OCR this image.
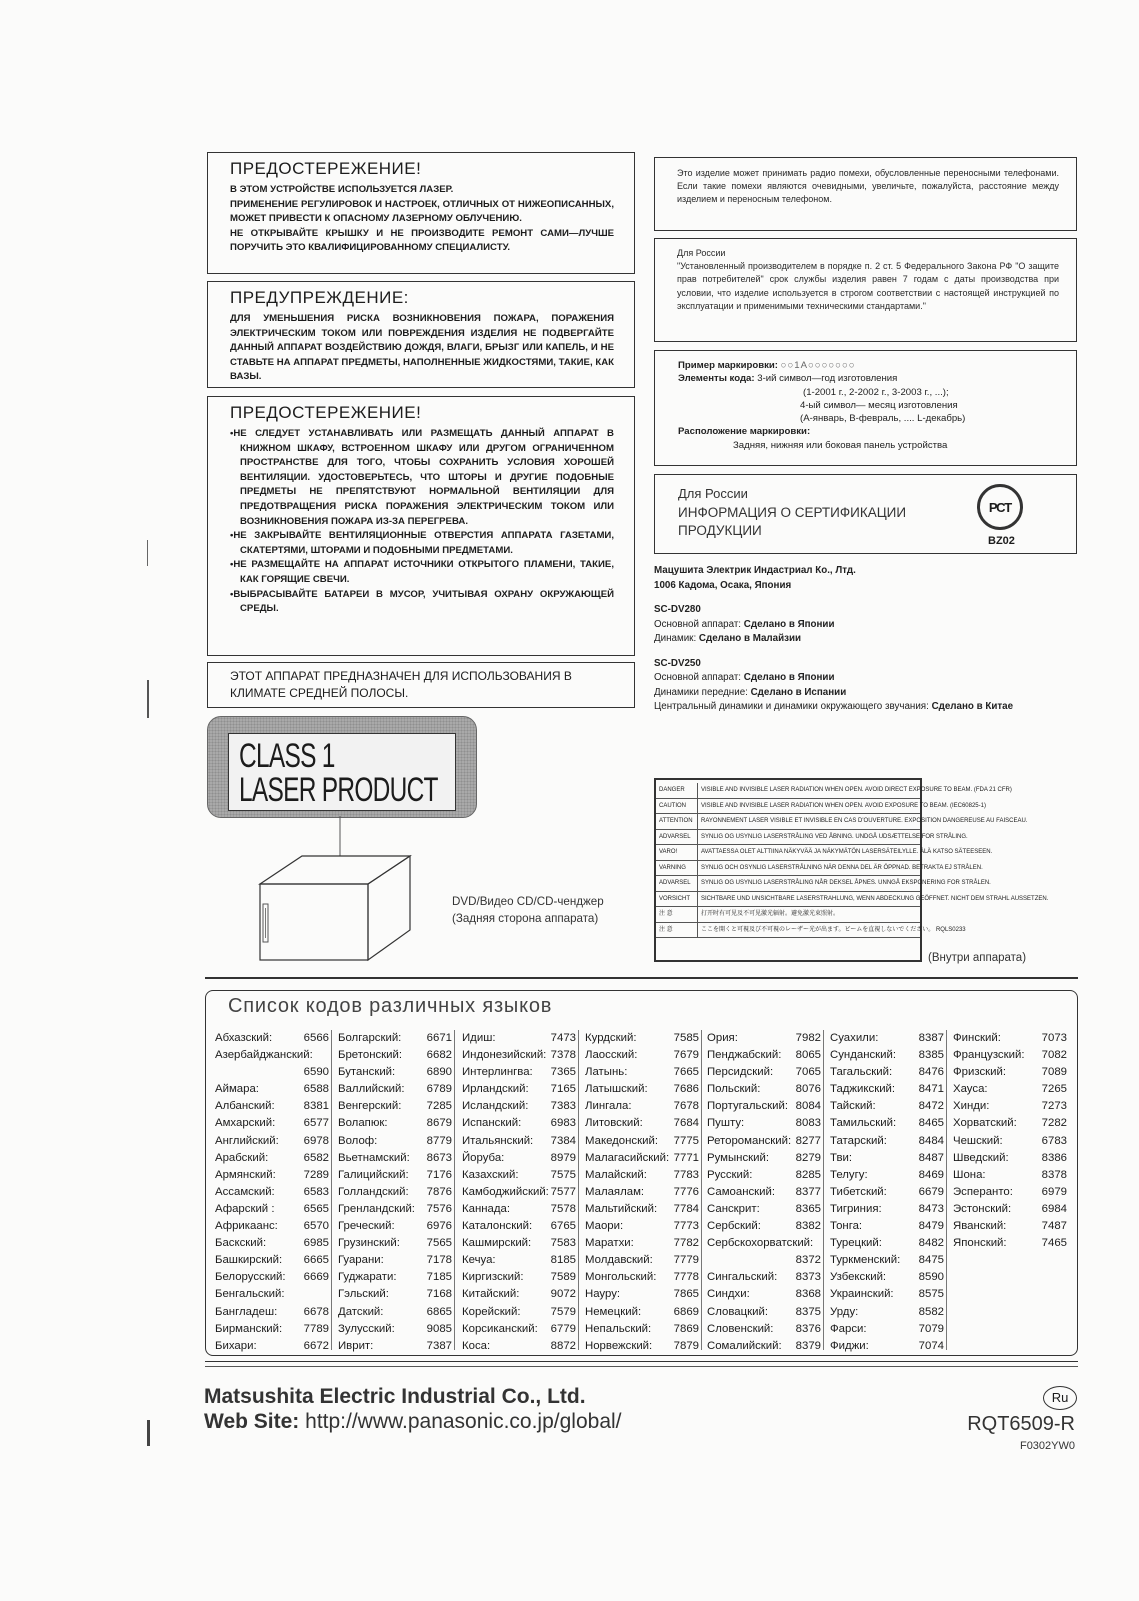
ПРЕДОСТЕРЕЖЕНИЕ!

В ЭТОМ УСТРОЙСТВЕ ИСПОЛЬЗУЕТСЯ ЛАЗЕР.

ПРИМЕНЕНИЕ РЕГУЛИРОВОК И НАСТРОЕК, ОТЛИЧНЫХ ОТ НИЖЕОПИСАННЫХ, МОЖЕТ ПРИВЕСТИ К ОПАСНОМУ ЛАЗЕРНОМУ ОБЛУЧЕНИЮ.

НЕ ОТКРЫВАЙТЕ КРЫШКУ И НЕ ПРОИЗВОДИТЕ РЕМОНТ САМИ—ЛУЧШЕ ПОРУЧИТЬ ЭТО КВАЛИФИЦИРОВАННОМУ СПЕЦИАЛИСТУ.

ПРЕДУПРЕЖДЕНИЕ:

ДЛЯ УМЕНЬШЕНИЯ РИСКА ВОЗНИКНОВЕНИЯ ПОЖАРА, ПОРАЖЕНИЯ ЭЛЕКТРИЧЕСКИМ ТОКОМ ИЛИ ПОВРЕЖДЕНИЯ ИЗДЕЛИЯ НЕ ПОДВЕРГАЙТЕ ДАННЫЙ АППАРАТ ВОЗДЕЙСТВИЮ ДОЖДЯ, ВЛАГИ, БРЫЗГ ИЛИ КАПЕЛЬ, И НЕ СТАВЬТЕ НА АППАРАТ ПРЕДМЕТЫ, НАПОЛНЕННЫЕ ЖИДКОСТЯМИ, ТАКИЕ, КАК ВАЗЫ.

ПРЕДОСТЕРЕЖЕНИЕ!
• НЕ СЛЕДУЕТ УСТАНАВЛИВАТЬ ИЛИ РАЗМЕЩАТЬ ДАННЫЙ АППАРАТ В КНИЖНОМ ШКАФУ, ВСТРОЕННОМ ШКАФУ ИЛИ ДРУГОМ ОГРАНИЧЕННОМ ПРОСТРАНСТВЕ ДЛЯ ТОГО, ЧТОБЫ СОХРАНИТЬ УСЛОВИЯ ХОРОШЕЙ ВЕНТИЛЯЦИИ. УДОСТОВЕРЬТЕСЬ, ЧТО ШТОРЫ И ДРУГИЕ ПОДОБНЫЕ ПРЕДМЕТЫ НЕ ПРЕПЯТСТВУЮТ НОРМАЛЬНОЙ ВЕНТИЛЯЦИИ ДЛЯ ПРЕДОТВРАЩЕНИЯ РИСКА ПОРАЖЕНИЯ ЭЛЕКТРИЧЕСКИМ ТОКОМ ИЛИ ВОЗНИКНОВЕНИЯ ПОЖАРА ИЗ-ЗА ПЕРЕГРЕВА.
• НЕ ЗАКРЫВАЙТЕ ВЕНТИЛЯЦИОННЫЕ ОТВЕРСТИЯ АППАРАТА ГАЗЕТАМИ, СКАТЕРТЯМИ, ШТОРАМИ И ПОДОБНЫМИ ПРЕДМЕТАМИ.
• НЕ РАЗМЕЩАЙТЕ НА АППАРАТ ИСТОЧНИКИ ОТКРЫТОГО ПЛАМЕНИ, ТАКИЕ, КАК ГОРЯЩИЕ СВЕЧИ.
• ВЫБРАСЫВАЙТЕ БАТАРЕИ В МУСОР, УЧИТЫВАЯ ОХРАНУ ОКРУЖАЮЩЕЙ СРЕДЫ.
ЭТОТ АППАРАТ ПРЕДНАЗНАЧЕН ДЛЯ ИСПОЛЬЗОВАНИЯ В КЛИМАТЕ СРЕДНЕЙ ПОЛОСЫ.
CLASS 1
LASER PRODUCT
DVD/Видео CD/CD-ченджер
(Задняя сторона аппарата)

Это изделие может принимать радио помехи, обусловленные переносными телефонами. Если такие помехи являются очевидными, увеличьте, пожалуйста, расстояние между изделием и переносным телефоном.

Для России

"Установленный производителем в порядке п. 2 ст. 5 Федерального Закона РФ "О защите прав потребителей" срок службы изделия равен 7 годам с даты производства при условии, что изделие используется в строгом соответствии с настоящей инструкцией по эксплуатации и применимыми техническими стандартами."

Пример маркировки: ○○1А○○○○○○○
Элементы кода: 3-ий символ—год изготовления
(1-2001 г., 2-2002 г., 3-2003 г., ...);
4-ый символ— месяц изготовления
(А-январь, В-февраль, .... L-декабрь)
Расположение маркировки:
Задняя, нижняя или боковая панель устройства
Для России
ИНФОРМАЦИЯ О СЕРТИФИКАЦИИ
ПРОДУКЦИИ
РСТ
BZ02
Мацушита Электрик Индастриал Ко., Лтд.
1006 Кадома, Осака, Япония
SC-DV280
Основной аппарат: Сделано в Японии
Динамик: Сделано в Малайзии
SC-DV250
Основной аппарат: Сделано в Японии
Динамики передние: Сделано в Испании
Центральный динамики и динамики окружающего звучания: Сделано в Китае
DANGER	VISIBLE AND INVISIBLE LASER RADIATION WHEN OPEN. AVOID DIRECT EXPOSURE TO BEAM. (FDA 21 CFR)
CAUTION	VISIBLE AND INVISIBLE LASER RADIATION WHEN OPEN. AVOID EXPOSURE TO BEAM. (IEC60825-1)
ATTENTION	RAYONNEMENT LASER VISIBLE ET INVISIBLE EN CAS D'OUVERTURE. EXPOSITION DANGEREUSE AU FAISCEAU.
ADVARSEL	SYNLIG OG USYNLIG LASERSTRÅLING VED ÅBNING. UNDGÅ UDSÆTTELSE FOR STRÅLING.
VARO!	AVATTAESSA OLET ALTTIINA NÄKYVÄÄ JA NÄKYMÄTÖN LASERSÄTEILYLLE. ÄLÄ KATSO SÄTEESEEN.
VARNING	SYNLIG OCH OSYNLIG LASERSTRÅLNING NÄR DENNA DEL ÄR ÖPPNAD. BETRAKTA EJ STRÅLEN.
ADVARSEL	SYNLIG OG USYNLIG LASERSTRÅLING NÅR DEKSEL ÅPNES. UNNGÅ EKSPONERING FOR STRÅLEN.
VORSICHT	SICHTBARE UND UNSICHTBARE LASERSTRAHLUNG, WENN ABDECKUNG GEÖFFNET. NICHT DEM STRAHL AUSSETZEN.
注 意	打开时有可见及不可见激光辐射。避免激光束照射。
注 意	ここを開くと可視及び不可視のレーザー光が出ます。ビームを直視しないでください。 RQLS0233
(Внутри аппарата)
Список кодов различных языков
Абхазский:	6566
Азербайджанский:
6590
Аймара:	6588
Албанский:	8381
Амхарский: 6577
Английский: 6978
Арабский:	6582
Армянский: 7289
Ассамский:	6583
Афарский :	6565
Африкаанс: 6570
Баскский:	6985
Башкирский: 6665
Белорусский: 6669
Бенгальский:
Бангладеш: 6678
Бирманский: 7789
Бихари:	6672
Болгарский: 6671
Бретонский: 6682
Бутанский:	6890
Валлийский: 6789
Венгерский: 7285
Волапюк:	8679
Волоф:	8779
Вьетнамский: 8673
Галицийский: 7176
Голландский: 7876
Гренландский: 7576
Греческий:	6976
Грузинский: 7565
Гуарани:	7178
Гуджарати:	7185
Гэльский:	7168
Датский:	6865
Зулусский:	9085
Иврит:	7387
Идиш:	7473
Индонезийский: 7378
Интерлингва: 7365
Ирландский: 7165
Исландский: 7383
Испанский:	6983
Итальянский: 7384
Йоруба:	8979
Казахский:	7575
Камбоджийский: 7577
Каннада:	7578
Каталонский: 6765
Кашмирский: 7583
Кечуа:	8185
Киргизский: 7589
Китайский:	9072
Корейский:	7579
Корсиканский: 6779
Коса:	8872
Курдский:	7585
Лаосский:	7679
Латынь:	7665
Латышский: 7686
Лингала:	7678
Литовский:	7684
Македонский: 7775
Малагасийский: 7771
Малайский: 7783
Малаялам:	7776
Мальтийский: 7784
Маори:	7773
Маратхи:	7782
Молдавский: 7779
Монгольский: 7778
Науру:	7865
Немецкий:	6869
Непальский: 7869
Норвежский: 7879
Ория:	7982
Пенджабский: 8065
Персидский: 7065
Польский:	8076
Португальский: 8084
Пушту:	8083
Ретороманский: 8277
Румынский: 8279
Русский:	8285
Самоанский: 8377
Санскрит:	8365
Сербский:	8382
Сербскохорватский:
8372
Сингальский: 8373
Синдхи:	8368
Словацкий: 8375
Словенский: 8376
Сомалийский: 8379
Суахили:	8387
Сунданский: 8385
Тагальский: 8476
Таджикский: 8471
Тайский:	8472
Тамильский: 8465
Татарский:	8484
Тви:	8487
Телугу:	8469
Тибетский:	6679
Тигриния:	8473
Тонга:	8479
Турецкий:	8482
Туркменский: 8475
Узбекский:	8590
Украинский: 8575
Урду:	8582
Фарси:	7079
Фиджи:	7074
Финский:	7073
Французский: 7082
Фризский:	7089
Хауса:	7265
Хинди:	7273
Хорватский: 7282
Чешский:	6783
Шведский:	8386
Шона:	8378
Эсперанто:	6979
Эстонский:	6984
Яванский:	7487
Японский:	7465
Matsushita Electric Industrial Co., Ltd.
Web Site: http://www.panasonic.co.jp/global/
Ru
RQT6509-R
F0302YW0
